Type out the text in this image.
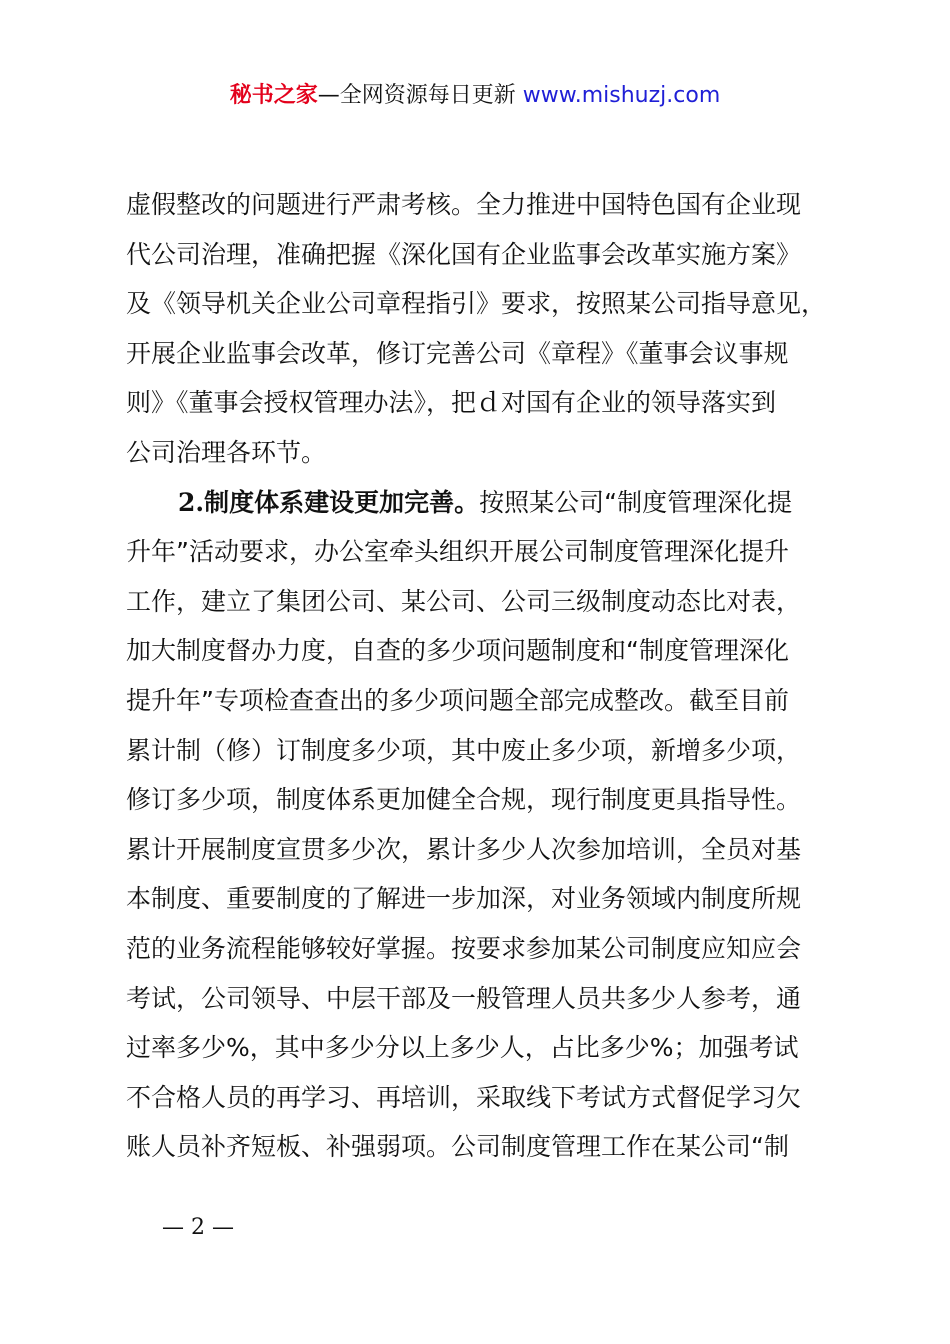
秘书之家—全网资源每日更新 www.mishuzj.com
虚假整改的问题进行严肃考核。全力推进中国特色国有企业现
代公司治理，准确把握《深化国有企业监事会改革实施方案》
及《领导机关企业公司章程指引》要求，按照某公司指导意见，
开展企业监事会改革，修订完善公司《章程》《董事会议事规
则》《董事会授权管理办法》，把ｄ对国有企业的领导落实到
公司治理各环节。
2.制度体系建设更加完善。按照某公司“制度管理深化提
升年”活动要求，办公室牵头组织开展公司制度管理深化提升
工作，建立了集团公司、某公司、公司三级制度动态比对表，
加大制度督办力度，自查的多少项问题制度和“制度管理深化
提升年”专项检查查出的多少项问题全部完成整改。截至目前
累计制（修）订制度多少项，其中废止多少项，新增多少项，
修订多少项，制度体系更加健全合规，现行制度更具指导性。
累计开展制度宣贯多少次，累计多少人次参加培训，全员对基
本制度、重要制度的了解进一步加深，对业务领域内制度所规
范的业务流程能够较好掌握。按要求参加某公司制度应知应会
考试，公司领导、中层干部及一般管理人员共多少人参考，通
过率多少%，其中多少分以上多少人，占比多少%；加强考试
不合格人员的再学习、再培训，采取线下考试方式督促学习欠
账人员补齐短板、补强弱项。公司制度管理工作在某公司“制
— 2 —
